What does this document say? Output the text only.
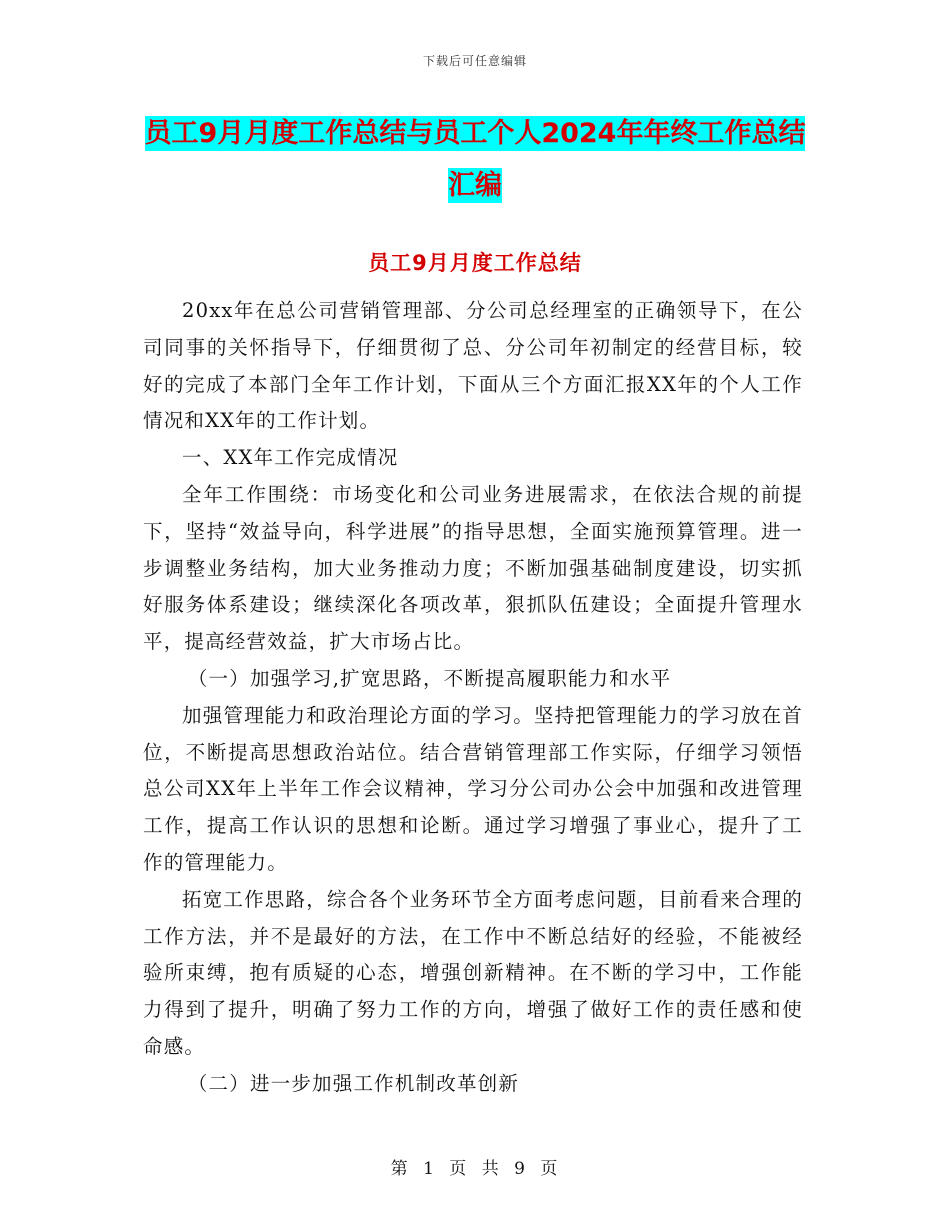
下载后可任意编辑
员工9月月度工作总结与员工个人2024年年终工作总结汇编
员工9月月度工作总结

20xx年在总公司营销管理部、分公司总经理室的正确领导下，在公司同事的关怀指导下，仔细贯彻了总、分公司年初制定的经营目标，较好的完成了本部门全年工作计划，下面从三个方面汇报XX年的个人工作情况和XX年的工作计划。

一、XX年工作完成情况

全年工作围绕：市场变化和公司业务进展需求，在依法合规的前提下，坚持“效益导向，科学进展”的指导思想，全面实施预算管理。进一步调整业务结构，加大业务推动力度；不断加强基础制度建设，切实抓好服务体系建设；继续深化各项改革，狠抓队伍建设；全面提升管理水平，提高经营效益，扩大市场占比。

（一）加强学习,扩宽思路，不断提高履职能力和水平

加强管理能力和政治理论方面的学习。坚持把管理能力的学习放在首位，不断提高思想政治站位。结合营销管理部工作实际，仔细学习领悟总公司XX年上半年工作会议精神，学习分公司办公会中加强和改进管理工作，提高工作认识的思想和论断。通过学习增强了事业心，提升了工作的管理能力。

拓宽工作思路，综合各个业务环节全方面考虑问题，目前看来合理的工作方法，并不是最好的方法，在工作中不断总结好的经验，不能被经验所束缚，抱有质疑的心态，增强创新精神。在不断的学习中，工作能力得到了提升，明确了努力工作的方向，增强了做好工作的责任感和使命感。

（二）进一步加强工作机制改革创新

第 1 页 共 9 页
